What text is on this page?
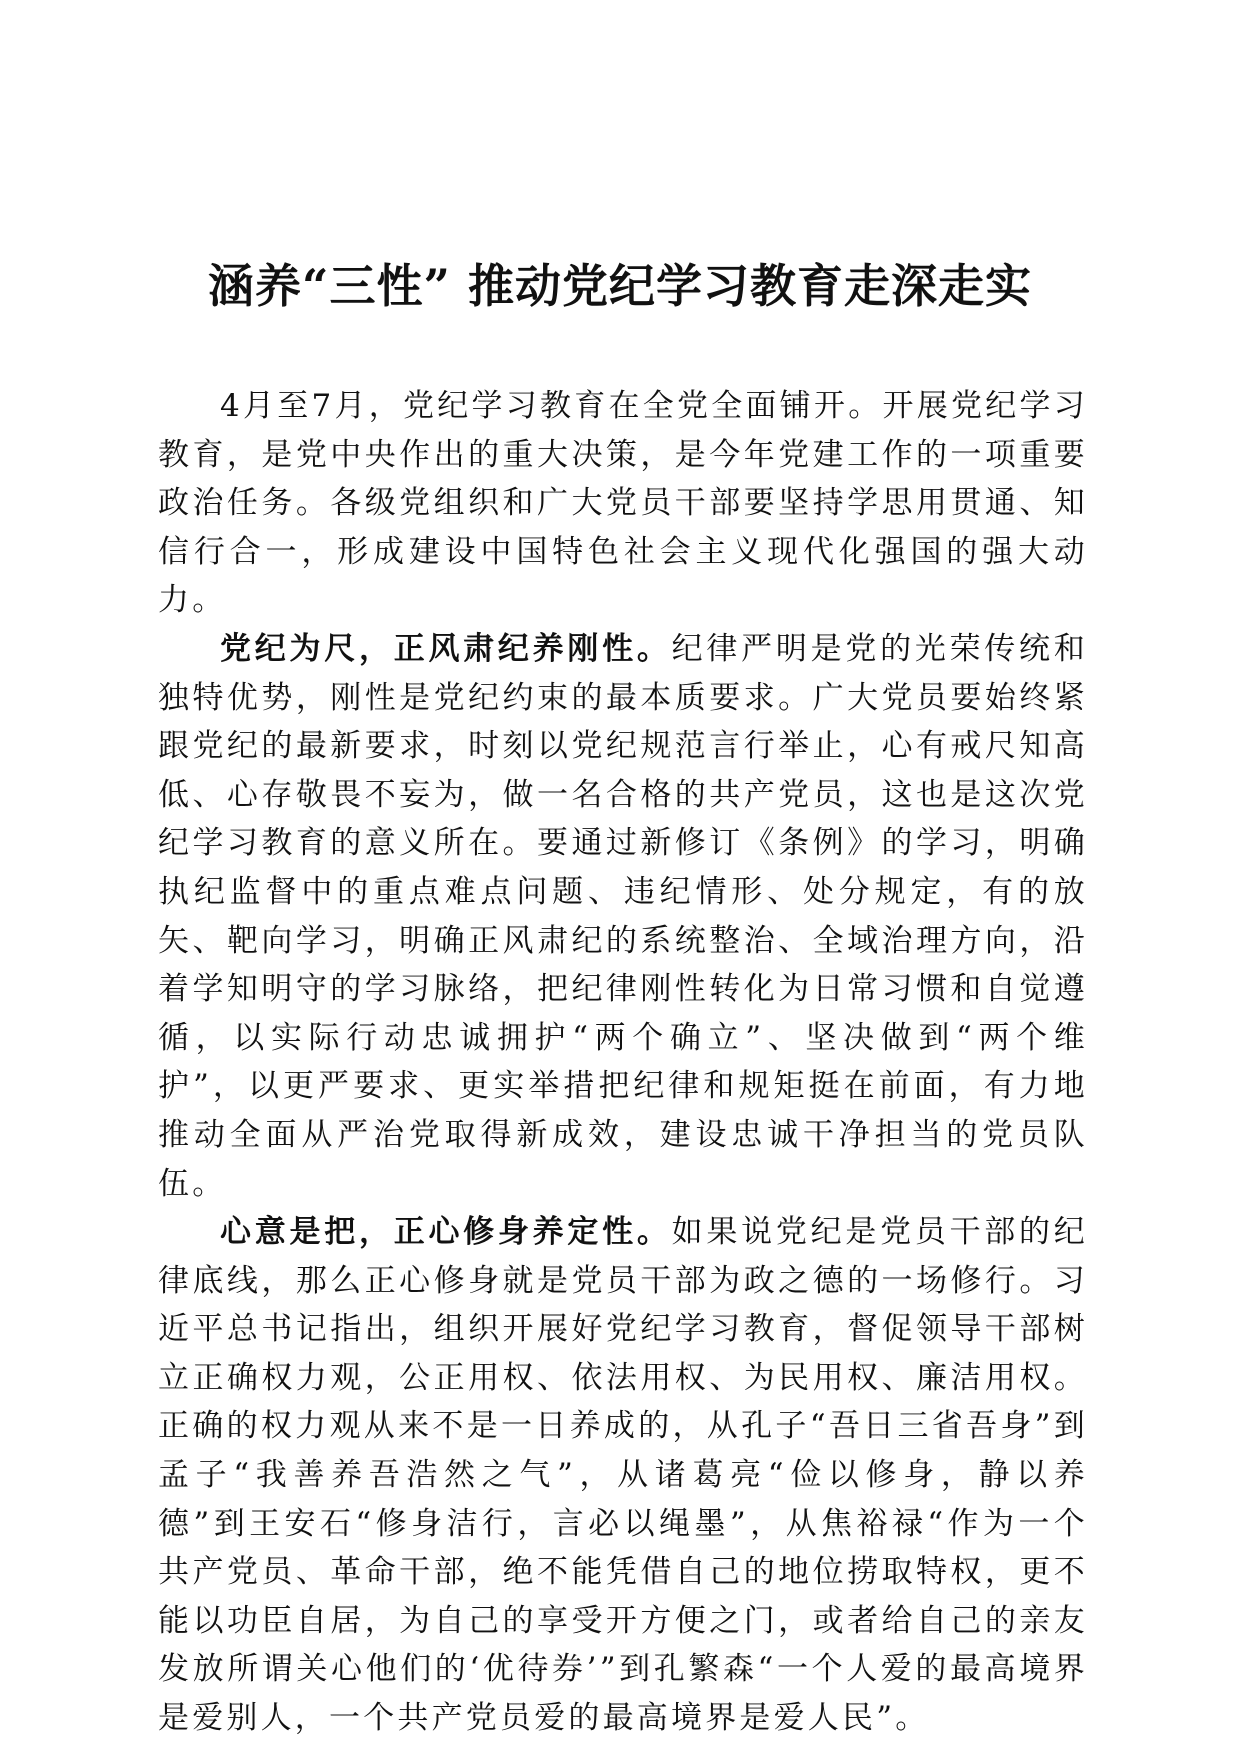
涵养“三性” 推动党纪学习教育走深走实

4月至7月，党纪学习教育在全党全面铺开。开展党纪学习教育，是党中央作出的重大决策，是今年党建工作的一项重要政治任务。各级党组织和广大党员干部要坚持学思用贯通、知信行合一，形成建设中国特色社会主义现代化强国的强大动力。

党纪为尺，正风肃纪养刚性。纪律严明是党的光荣传统和独特优势，刚性是党纪约束的最本质要求。广大党员要始终紧跟党纪的最新要求，时刻以党纪规范言行举止，心有戒尺知高低、心存敬畏不妄为，做一名合格的共产党员，这也是这次党纪学习教育的意义所在。要通过新修订《条例》的学习，明确执纪监督中的重点难点问题、违纪情形、处分规定，有的放矢、靶向学习，明确正风肃纪的系统整治、全域治理方向，沿着学知明守的学习脉络，把纪律刚性转化为日常习惯和自觉遵循，以实际行动忠诚拥护“两个确立”、坚决做到“两个维护”，以更严要求、更实举措把纪律和规矩挺在前面，有力地推动全面从严治党取得新成效，建设忠诚干净担当的党员队伍。

心意是把，正心修身养定性。如果说党纪是党员干部的纪律底线，那么正心修身就是党员干部为政之德的一场修行。习近平总书记指出，组织开展好党纪学习教育，督促领导干部树立正确权力观，公正用权、依法用权、为民用权、廉洁用权。正确的权力观从来不是一日养成的，从孔子“吾日三省吾身”到孟子“我善养吾浩然之气”，从诸葛亮“俭以修身，静以养德”到王安石“修身洁行，言必以绳墨”，从焦裕禄“作为一个共产党员、革命干部，绝不能凭借自己的地位捞取特权，更不能以功臣自居，为自己的享受开方便之门，或者给自己的亲友发放所谓关心他们的‘优待券’”到孔繁森“一个人爱的最高境界是爱别人，一个共产党员爱的最高境界是爱人民”。
